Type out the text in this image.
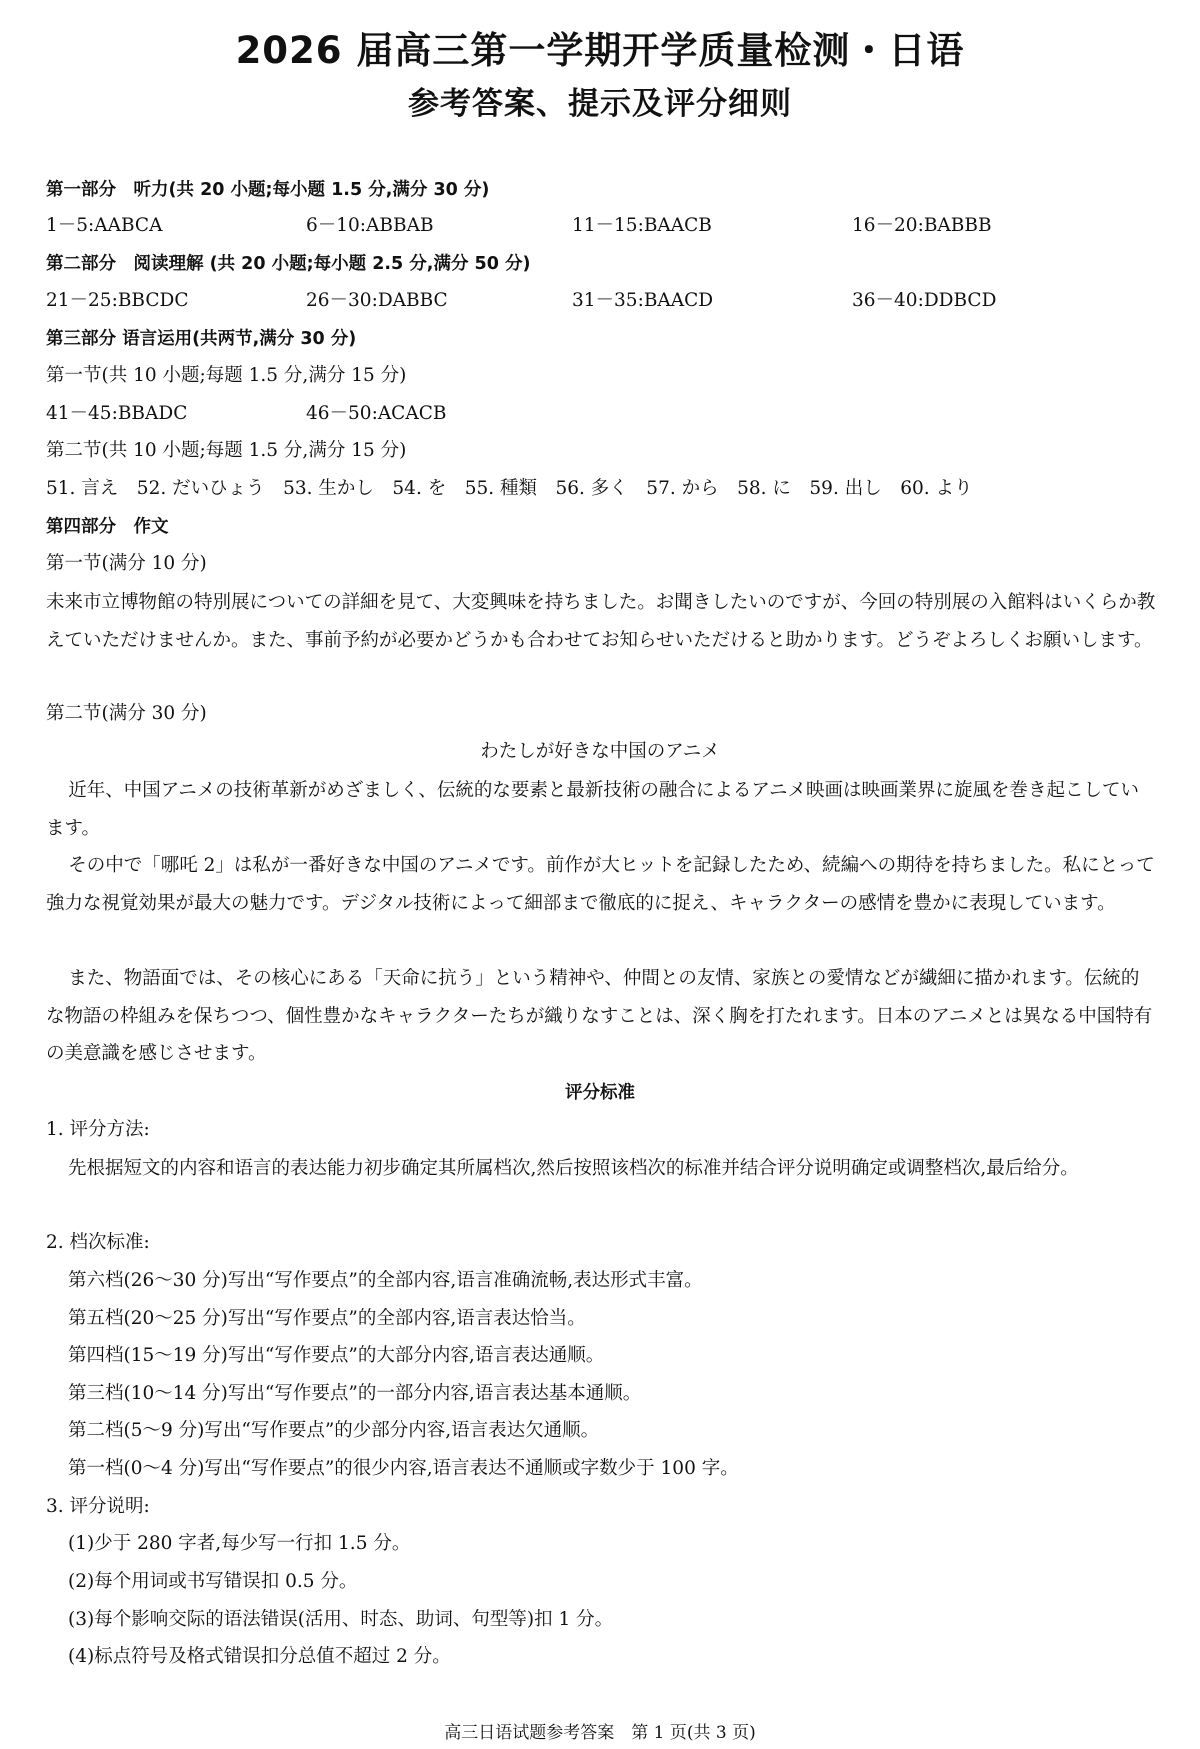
2026 届高三第一学期开学质量检测・日语
参考答案、提示及评分细则
第一部分　听力(共 20 小题;每小题 1.5 分,满分 30 分)
1－5:AABCA	6－10:ABBAB	11－15:BAACB	16－20:BABBB
第二部分　阅读理解 (共 20 小题;每小题 2.5 分,满分 50 分)
21－25:BBCDC	26－30:DABBC	31－35:BAACD	36－40:DDBCD
第三部分 语言运用(共两节,满分 30 分)
第一节(共 10 小题;每题 1.5 分,满分 15 分)
41－45:BBADC	46－50:ACACB
第二节(共 10 小题;每题 1.5 分,满分 15 分)
51. 言え　52. だいひょう　53. 生かし　54. を　55. 種類　56. 多く　57. から　58. に　59. 出し　60. より
第四部分　作文
第一节(满分 10 分)
未来市立博物館の特別展についての詳細を見て、大変興味を持ちました。お聞きしたいのですが、今回の特別展の入館料はいくらか教えていただけませんか。また、事前予約が必要かどうかも合わせてお知らせいただけると助かります。どうぞよろしくお願いします。
第二节(满分 30 分)
わたしが好きな中国のアニメ
近年、中国アニメの技術革新がめざましく、伝統的な要素と最新技術の融合によるアニメ映画は映画業界に旋風を巻き起こしています。
その中で「哪吒 2」は私が一番好きな中国のアニメです。前作が大ヒットを記録したため、続編への期待を持ちました。私にとって強力な視覚効果が最大の魅力です。デジタル技術によって細部まで徹底的に捉え、キャラクターの感情を豊かに表現しています。
また、物語面では、その核心にある「天命に抗う」という精神や、仲間との友情、家族との愛情などが繊細に描かれます。伝統的な物語の枠組みを保ちつつ、個性豊かなキャラクターたちが織りなすことは、深く胸を打たれます。日本のアニメとは異なる中国特有の美意識を感じさせます。
评分标准
1. 评分方法:
先根据短文的内容和语言的表达能力初步确定其所属档次,然后按照该档次的标准并结合评分说明确定或调整档次,最后给分。
2. 档次标准:
第六档(26～30 分)写出“写作要点”的全部内容,语言准确流畅,表达形式丰富。
第五档(20～25 分)写出“写作要点”的全部内容,语言表达恰当。
第四档(15～19 分)写出“写作要点”的大部分内容,语言表达通顺。
第三档(10～14 分)写出“写作要点”的一部分内容,语言表达基本通顺。
第二档(5～9 分)写出“写作要点”的少部分内容,语言表达欠通顺。
第一档(0～4 分)写出“写作要点”的很少内容,语言表达不通顺或字数少于 100 字。
3. 评分说明:
(1)少于 280 字者,每少写一行扣 1.5 分。
(2)每个用词或书写错误扣 0.5 分。
(3)每个影响交际的语法错误(活用、时态、助词、句型等)扣 1 分。
(4)标点符号及格式错误扣分总值不超过 2 分。
高三日语试题参考答案　第 1 页(共 3 页)
